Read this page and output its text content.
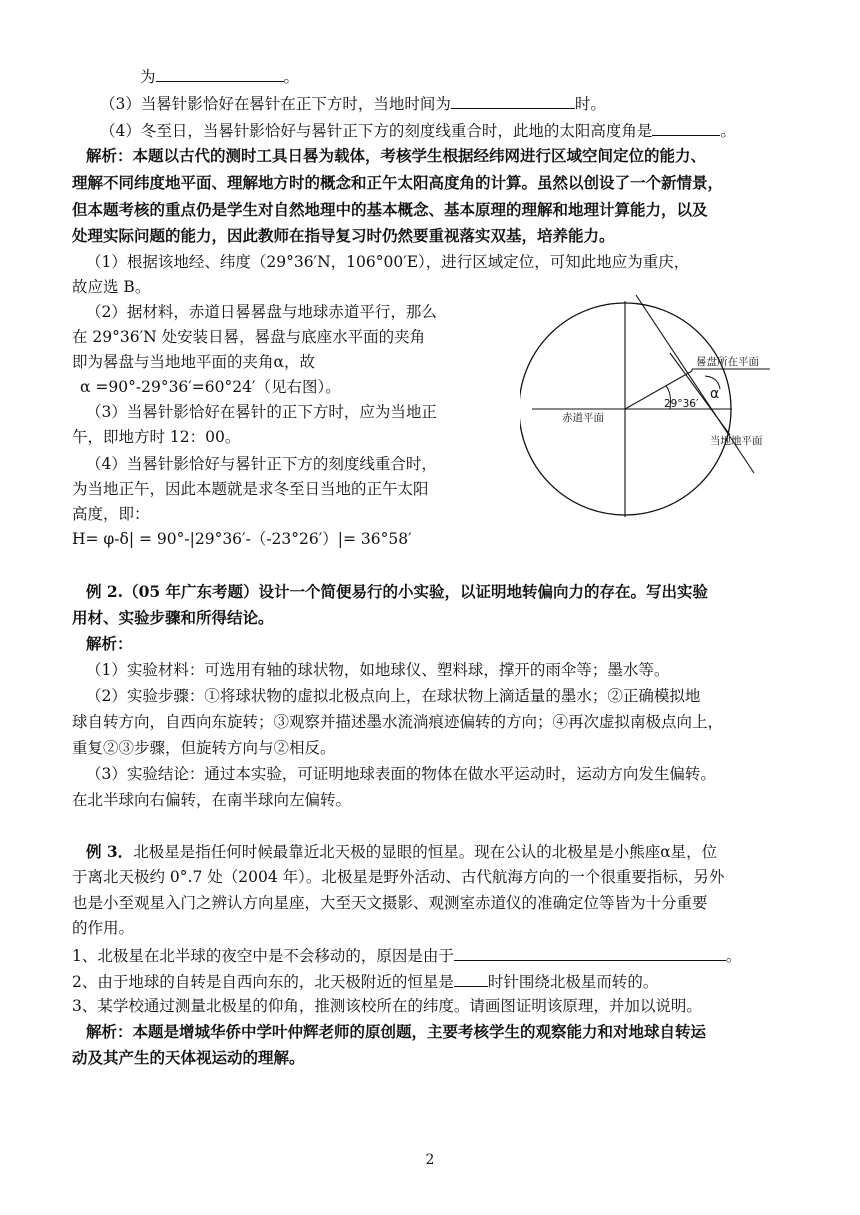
为	。
（3）当晷针影恰好在晷针在正下方时，当地时间为	时。
（4）冬至日，当晷针影恰好与晷针正下方的刻度线重合时，此地的太阳高度角是	。
解析：本题以古代的测时工具日晷为载体，考核学生根据经纬网进行区域空间定位的能力、
理解不同纬度地平面、理解地方时的概念和正午太阳高度角的计算。虽然以创设了一个新情景，
但本题考核的重点仍是学生对自然地理中的基本概念、基本原理的理解和地理计算能力，以及
处理实际问题的能力，因此教师在指导复习时仍然要重视落实双基，培养能力。
（1）根据该地经、纬度（29°36′N，106°00′E），进行区域定位，可知此地应为重庆，
故应选 B。
（2）据材料，赤道日晷晷盘与地球赤道平行，那么
在 29°36′N 处安装日晷，晷盘与底座水平面的夹角
即为晷盘与当地地平面的夹角α，故
α =90°-29°36′=60°24′（见右图）。
（3）当晷针影恰好在晷针的正下方时，应为当地正
午，即地方时 12：00。
（4）当晷针影恰好与晷针正下方的刻度线重合时，
为当地正午，因此本题就是求冬至日当地的正午太阳
高度，即：
H= φ-δ| = 90°-|29°36′-（-23°26′）|= 36°58′
晷盘所在平面
α
29°36′
赤道平面
当地地平面
例 2.（05 年广东考题）设计一个简便易行的小实验，以证明地转偏向力的存在。写出实验
用材、实验步骤和所得结论。
解析：
（1）实验材料：可选用有轴的球状物，如地球仪、塑料球，撑开的雨伞等；墨水等。
（2）实验步骤：①将球状物的虚拟北极点向上，在球状物上滴适量的墨水；②正确模拟地
球自转方向，自西向东旋转；③观察并描述墨水流淌痕迹偏转的方向；④再次虚拟南极点向上，
重复②③步骤，但旋转方向与②相反。
（3）实验结论：通过本实验，可证明地球表面的物体在做水平运动时，运动方向发生偏转。
在北半球向右偏转，在南半球向左偏转。
例 3．北极星是指任何时候最靠近北天极的显眼的恒星。现在公认的北极星是小熊座α星，位
于离北天极约 0°.7 处（2004 年）。北极星是野外活动、古代航海方向的一个很重要指标，另外
也是小至观星入门之辨认方向星座，大至天文摄影、观测室赤道仪的准确定位等皆为十分重要
的作用。
1、北极星在北半球的夜空中是不会移动的，原因是由于	。
2、由于地球的自转是自西向东的，北天极附近的恒星是 时针围绕北极星而转的。
3、某学校通过测量北极星的仰角，推测该校所在的纬度。请画图证明该原理，并加以说明。
解析：本题是增城华侨中学叶仲辉老师的原创题，主要考核学生的观察能力和对地球自转运
动及其产生的天体视运动的理解。
2
